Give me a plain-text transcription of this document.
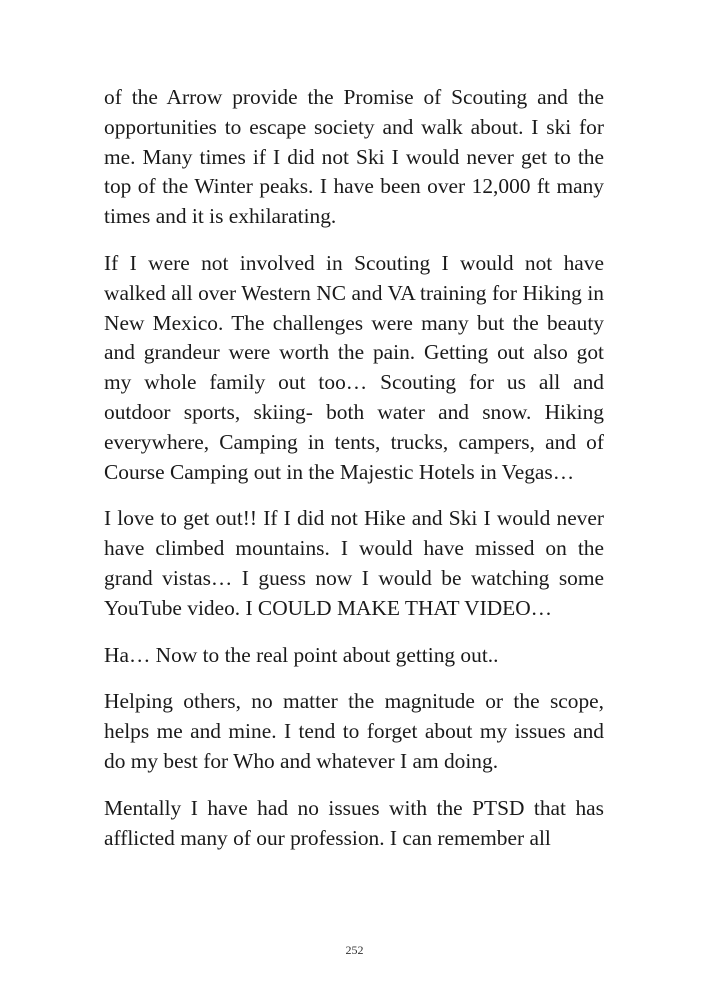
of the Arrow provide the Promise of Scouting and the opportunities to escape society and walk about. I ski for me. Many times if I did not Ski I would never get to the top of the Winter peaks. I have been over 12,000 ft many times and it is exhilarating.

If I were not involved in Scouting I would not have walked all over Western NC and VA training for Hiking in New Mexico. The challenges were many but the beauty and grandeur were worth the pain. Getting out also got my whole family out too… Scouting for us all and outdoor sports, skiing- both water and snow. Hiking everywhere, Camping in tents, trucks, campers, and of Course Camping out in the Majestic Hotels in Vegas…

I love to get out!! If I did not Hike and Ski I would never have climbed mountains. I would have missed on the grand vistas… I guess now I would be watching some YouTube video. I COULD MAKE THAT VIDEO…

Ha… Now to the real point about getting out..

Helping others, no matter the magnitude or the scope, helps me and mine. I tend to forget about my issues and do my best for Who and whatever I am doing.

Mentally I have had no issues with the PTSD that has afflicted many of our profession. I can remember all

252
